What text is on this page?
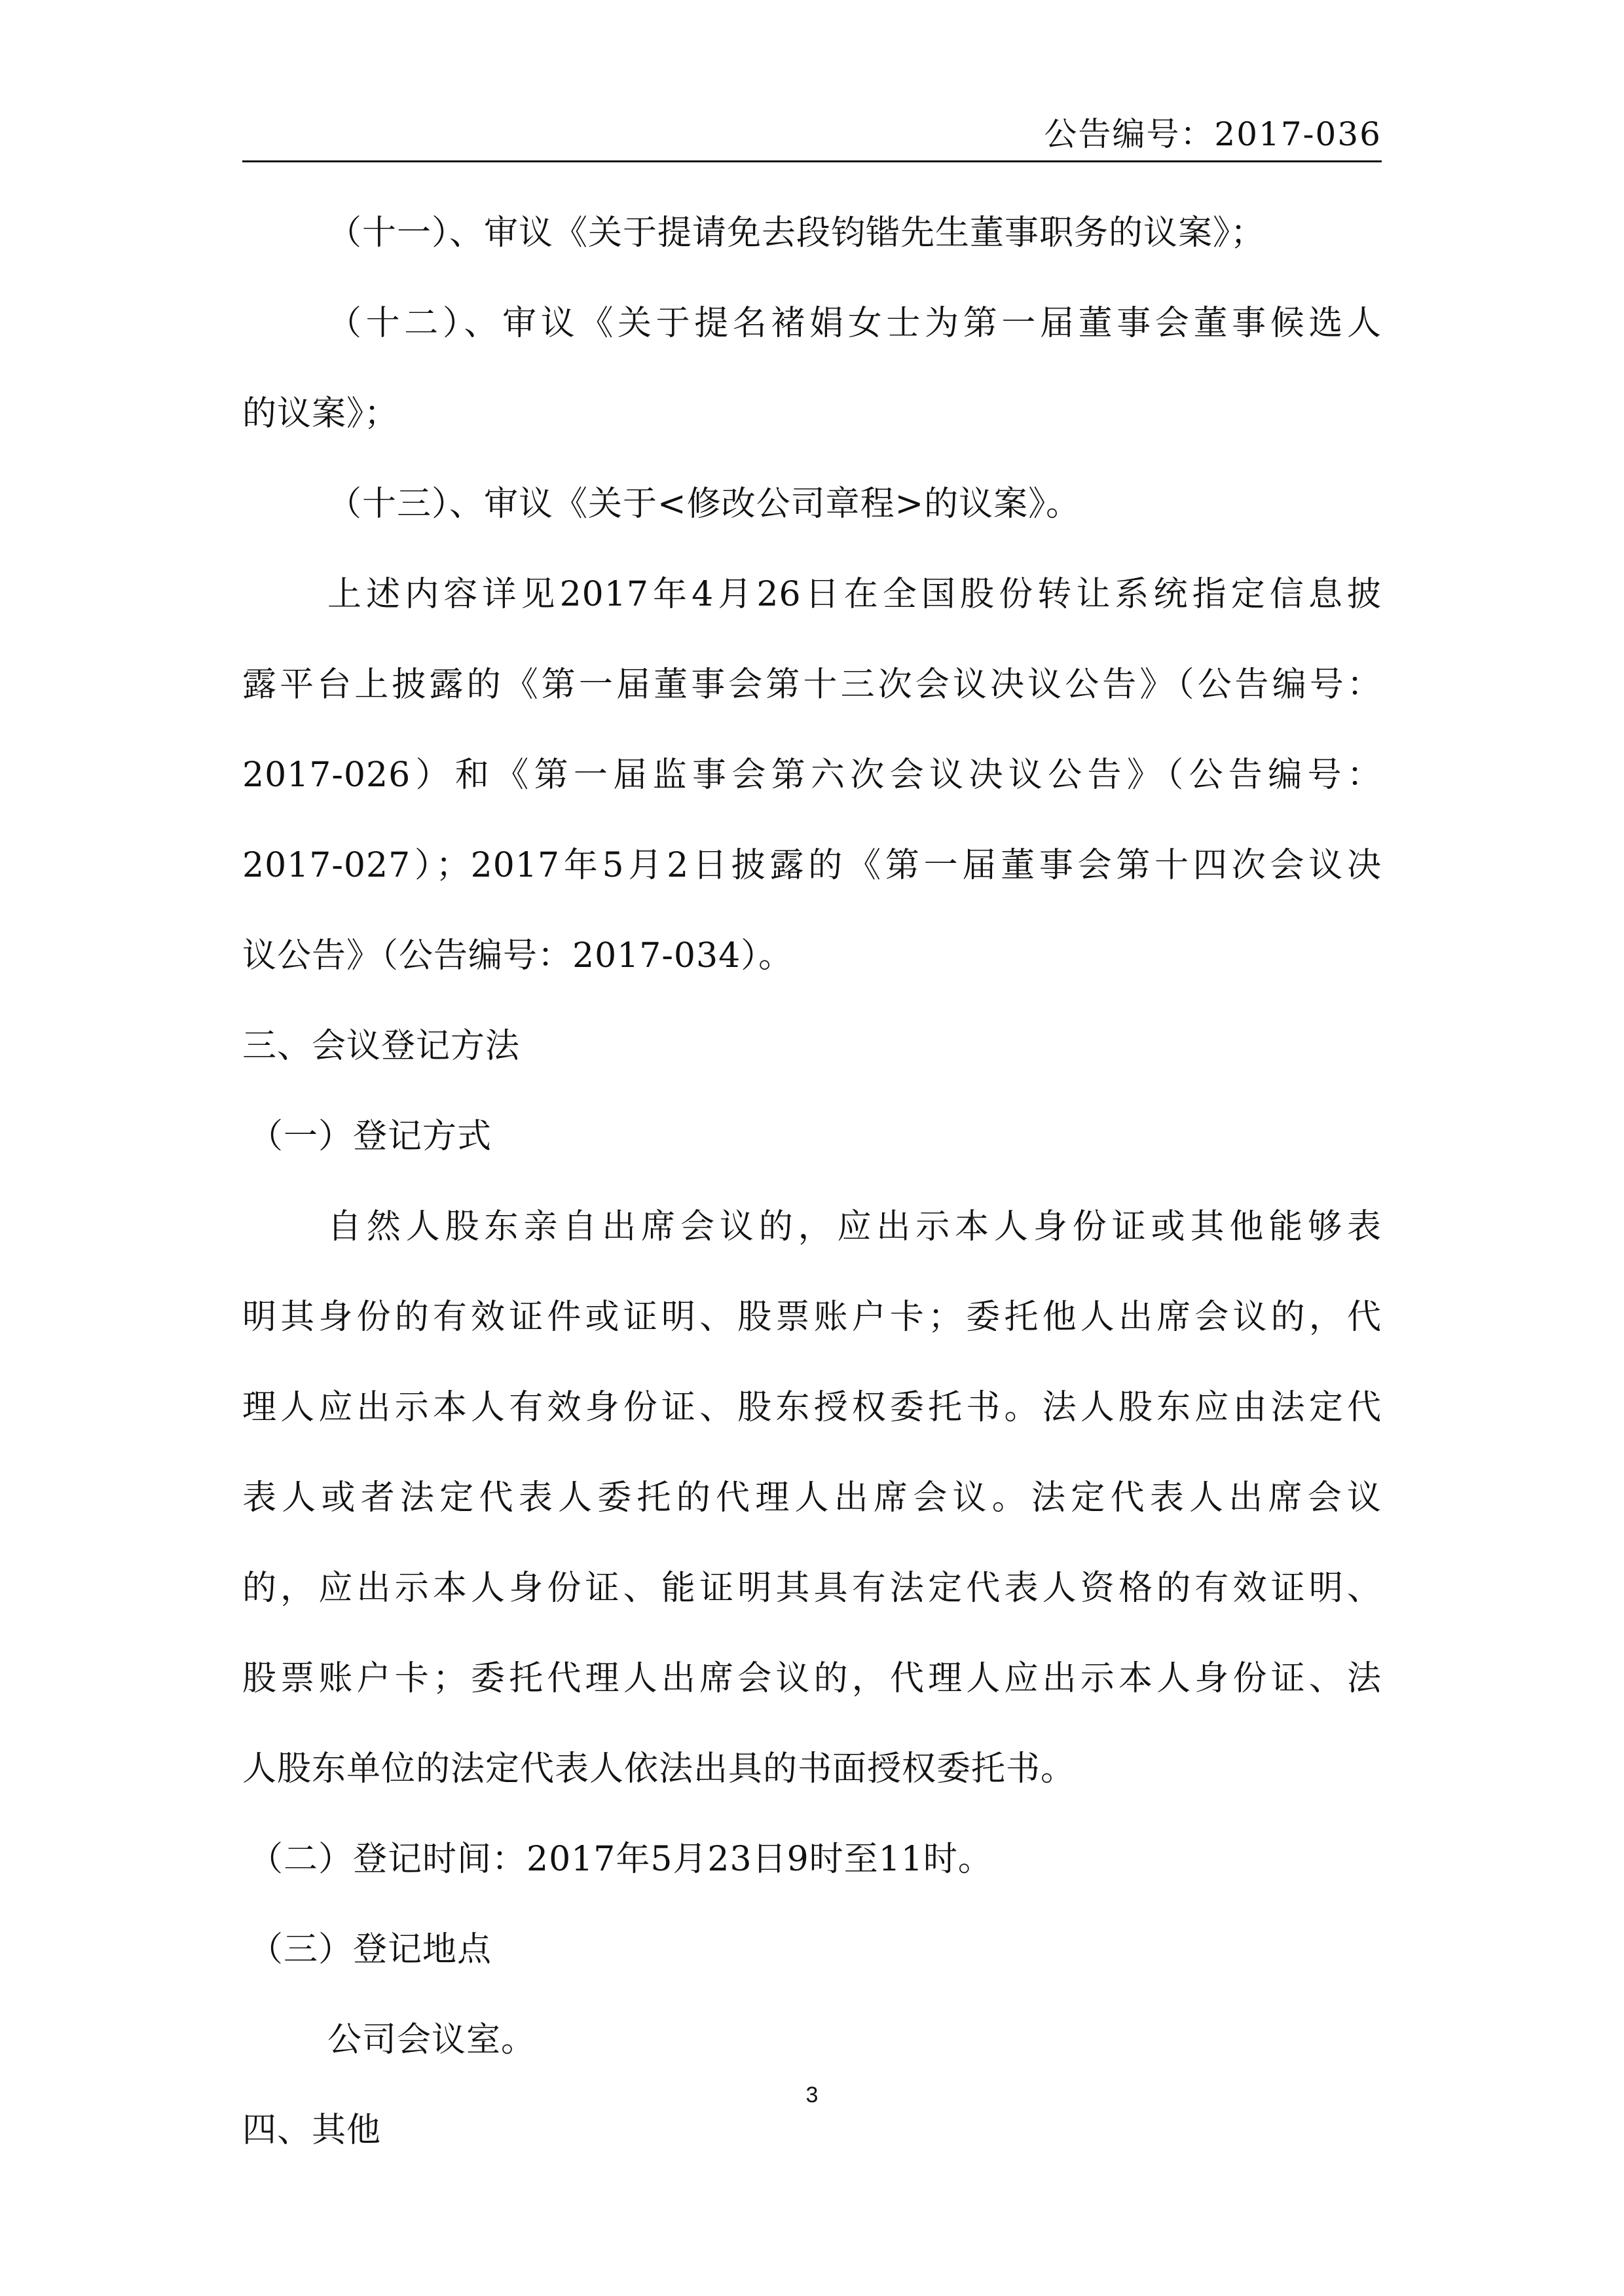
公告编号：2017-036

（十一）、审议《关于提请免去段钧锴先生董事职务的议案》；

（十二）、审议《关于提名褚娟女士为第一届董事会董事候选人

的议案》；

（十三）、审议《关于<修改公司章程>的议案》。

上述内容详见2017年4月26日在全国股份转让系统指定信息披

露平台上披露的《第一届董事会第十三次会议决议公告》（公告编号：

2017-026）和《第一届监事会第六次会议决议公告》（公告编号：

2017-027）；2017年5月2日披露的《第一届董事会第十四次会议决

议公告》（公告编号：2017-034）。

三、会议登记方法

（一）登记方式

自然人股东亲自出席会议的，应出示本人身份证或其他能够表

明其身份的有效证件或证明、股票账户卡；委托他人出席会议的，代

理人应出示本人有效身份证、股东授权委托书。法人股东应由法定代

表人或者法定代表人委托的代理人出席会议。法定代表人出席会议

的，应出示本人身份证、能证明其具有法定代表人资格的有效证明、

股票账户卡；委托代理人出席会议的，代理人应出示本人身份证、法

人股东单位的法定代表人依法出具的书面授权委托书。

（二）登记时间：2017年5月23日9时至11时。

（三）登记地点

公司会议室。

四、其他

3
